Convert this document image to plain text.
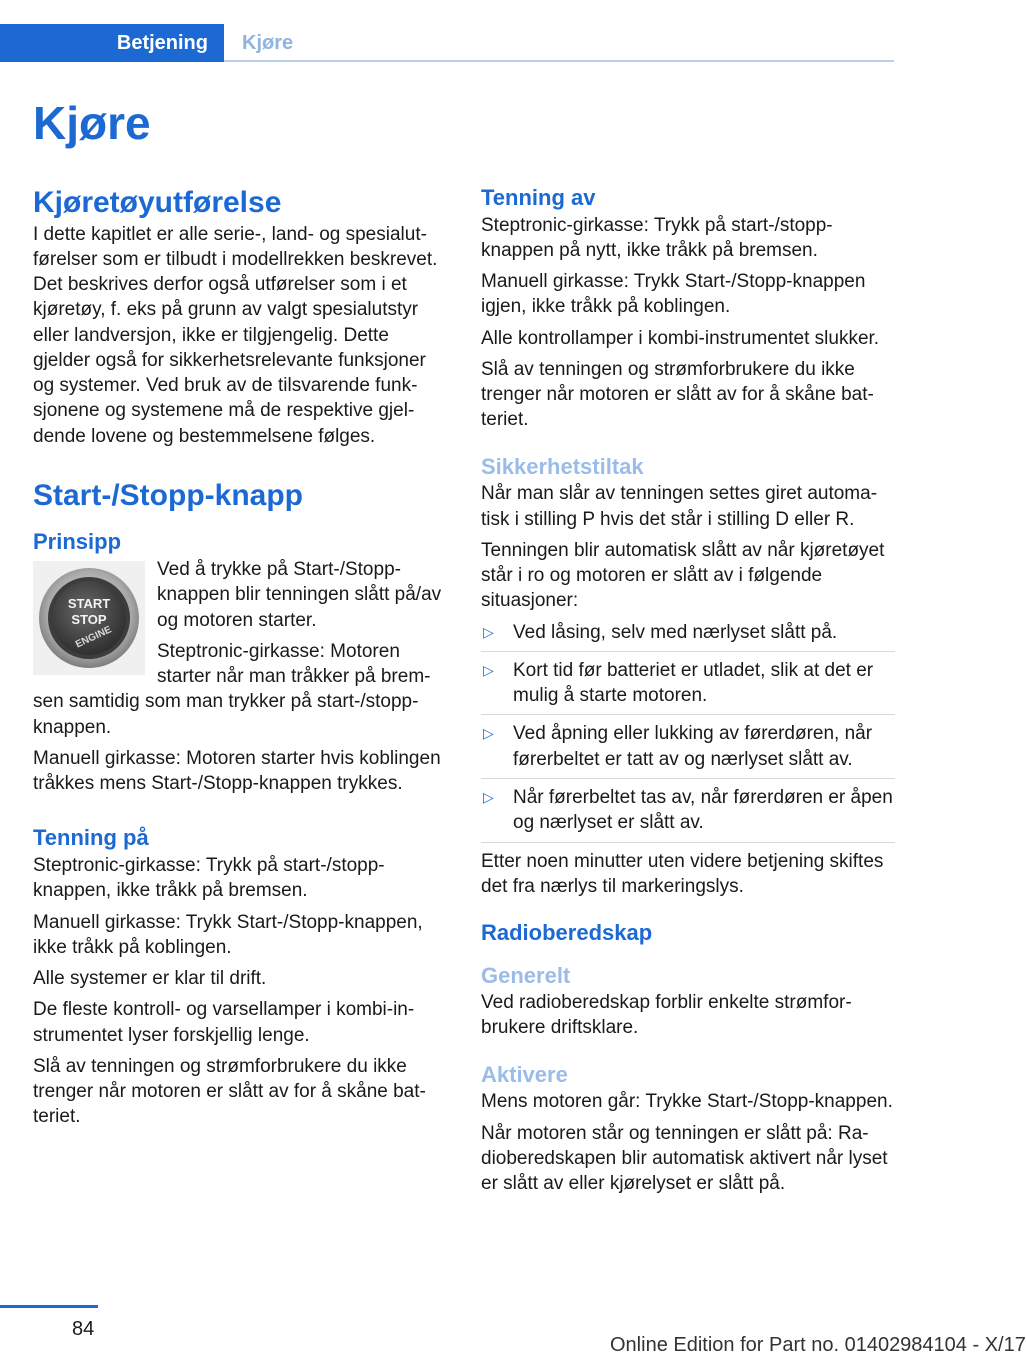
Betjening	Kjøre
Kjøre
Kjøretøyutførelse

I dette kapitlet er alle serie-, land- og spesialutførelser som er tilbudt i modellrekken beskrevet. Det beskrives derfor også utførelser som i et kjøretøy, f. eks på grunn av valgt spesialutstyr eller landversjon, ikke er tilgjengelig. Dette gjelder også for sikkerhetsrelevante funksjoner og systemer. Ved bruk av de tilsvarende funksjonene og systemene må de respektive gjeldende lovene og bestemmelsene følges.

Start-/Stopp-knapp
Prinsipp
START
STOP
ENGINE

Ved å trykke på Start-/Stopp-knappen blir tenningen slått på/av og motoren starter.

Steptronic-girkasse: Motoren starter når man tråkker på bremsen samtidig som man trykker på start-/stopp-knappen.

Manuell girkasse: Motoren starter hvis koblingen tråkkes mens Start-/Stopp-knappen trykkes.

Tenning på

Steptronic-girkasse: Trykk på start-/stopp-knappen, ikke tråkk på bremsen.

Manuell girkasse: Trykk Start-/Stopp-knappen, ikke tråkk på koblingen.

Alle systemer er klar til drift.

De fleste kontroll- og varsellamper i kombi-instrumentet lyser forskjellig lenge.

Slå av tenningen og strømforbrukere du ikke trenger når motoren er slått av for å skåne batteriet.

Tenning av

Steptronic-girkasse: Trykk på start-/stopp-knappen på nytt, ikke tråkk på bremsen.

Manuell girkasse: Trykk Start-/Stopp-knappen igjen, ikke tråkk på koblingen.

Alle kontrollamper i kombi-instrumentet slukker.

Slå av tenningen og strømforbrukere du ikke trenger når motoren er slått av for å skåne batteriet.

Sikkerhetstiltak

Når man slår av tenningen settes giret automatisk i stilling P hvis det står i stilling D eller R.

Tenningen blir automatisk slått av når kjøretøyet står i ro og motoren er slått av i følgende situasjoner:

▷ Ved låsing, selv med nærlyset slått på.
▷ Kort tid før batteriet er utladet, slik at det er mulig å starte motoren.
▷ Ved åpning eller lukking av førerdøren, når førerbeltet er tatt av og nærlyset slått av.
▷ Når førerbeltet tas av, når førerdøren er åpen og nærlyset er slått av.

Etter noen minutter uten videre betjening skiftes det fra nærlys til markeringslys.

Radioberedskap
Generelt

Ved radioberedskap forblir enkelte strømforbrukere driftsklare.

Aktivere

Mens motoren går: Trykke Start-/Stopp-knappen.

Når motoren står og tenningen er slått på: Radioberedskapen blir automatisk aktivert når lyset er slått av eller kjørelyset er slått på.

84
Online Edition for Part no. 01402984104 - X/17
